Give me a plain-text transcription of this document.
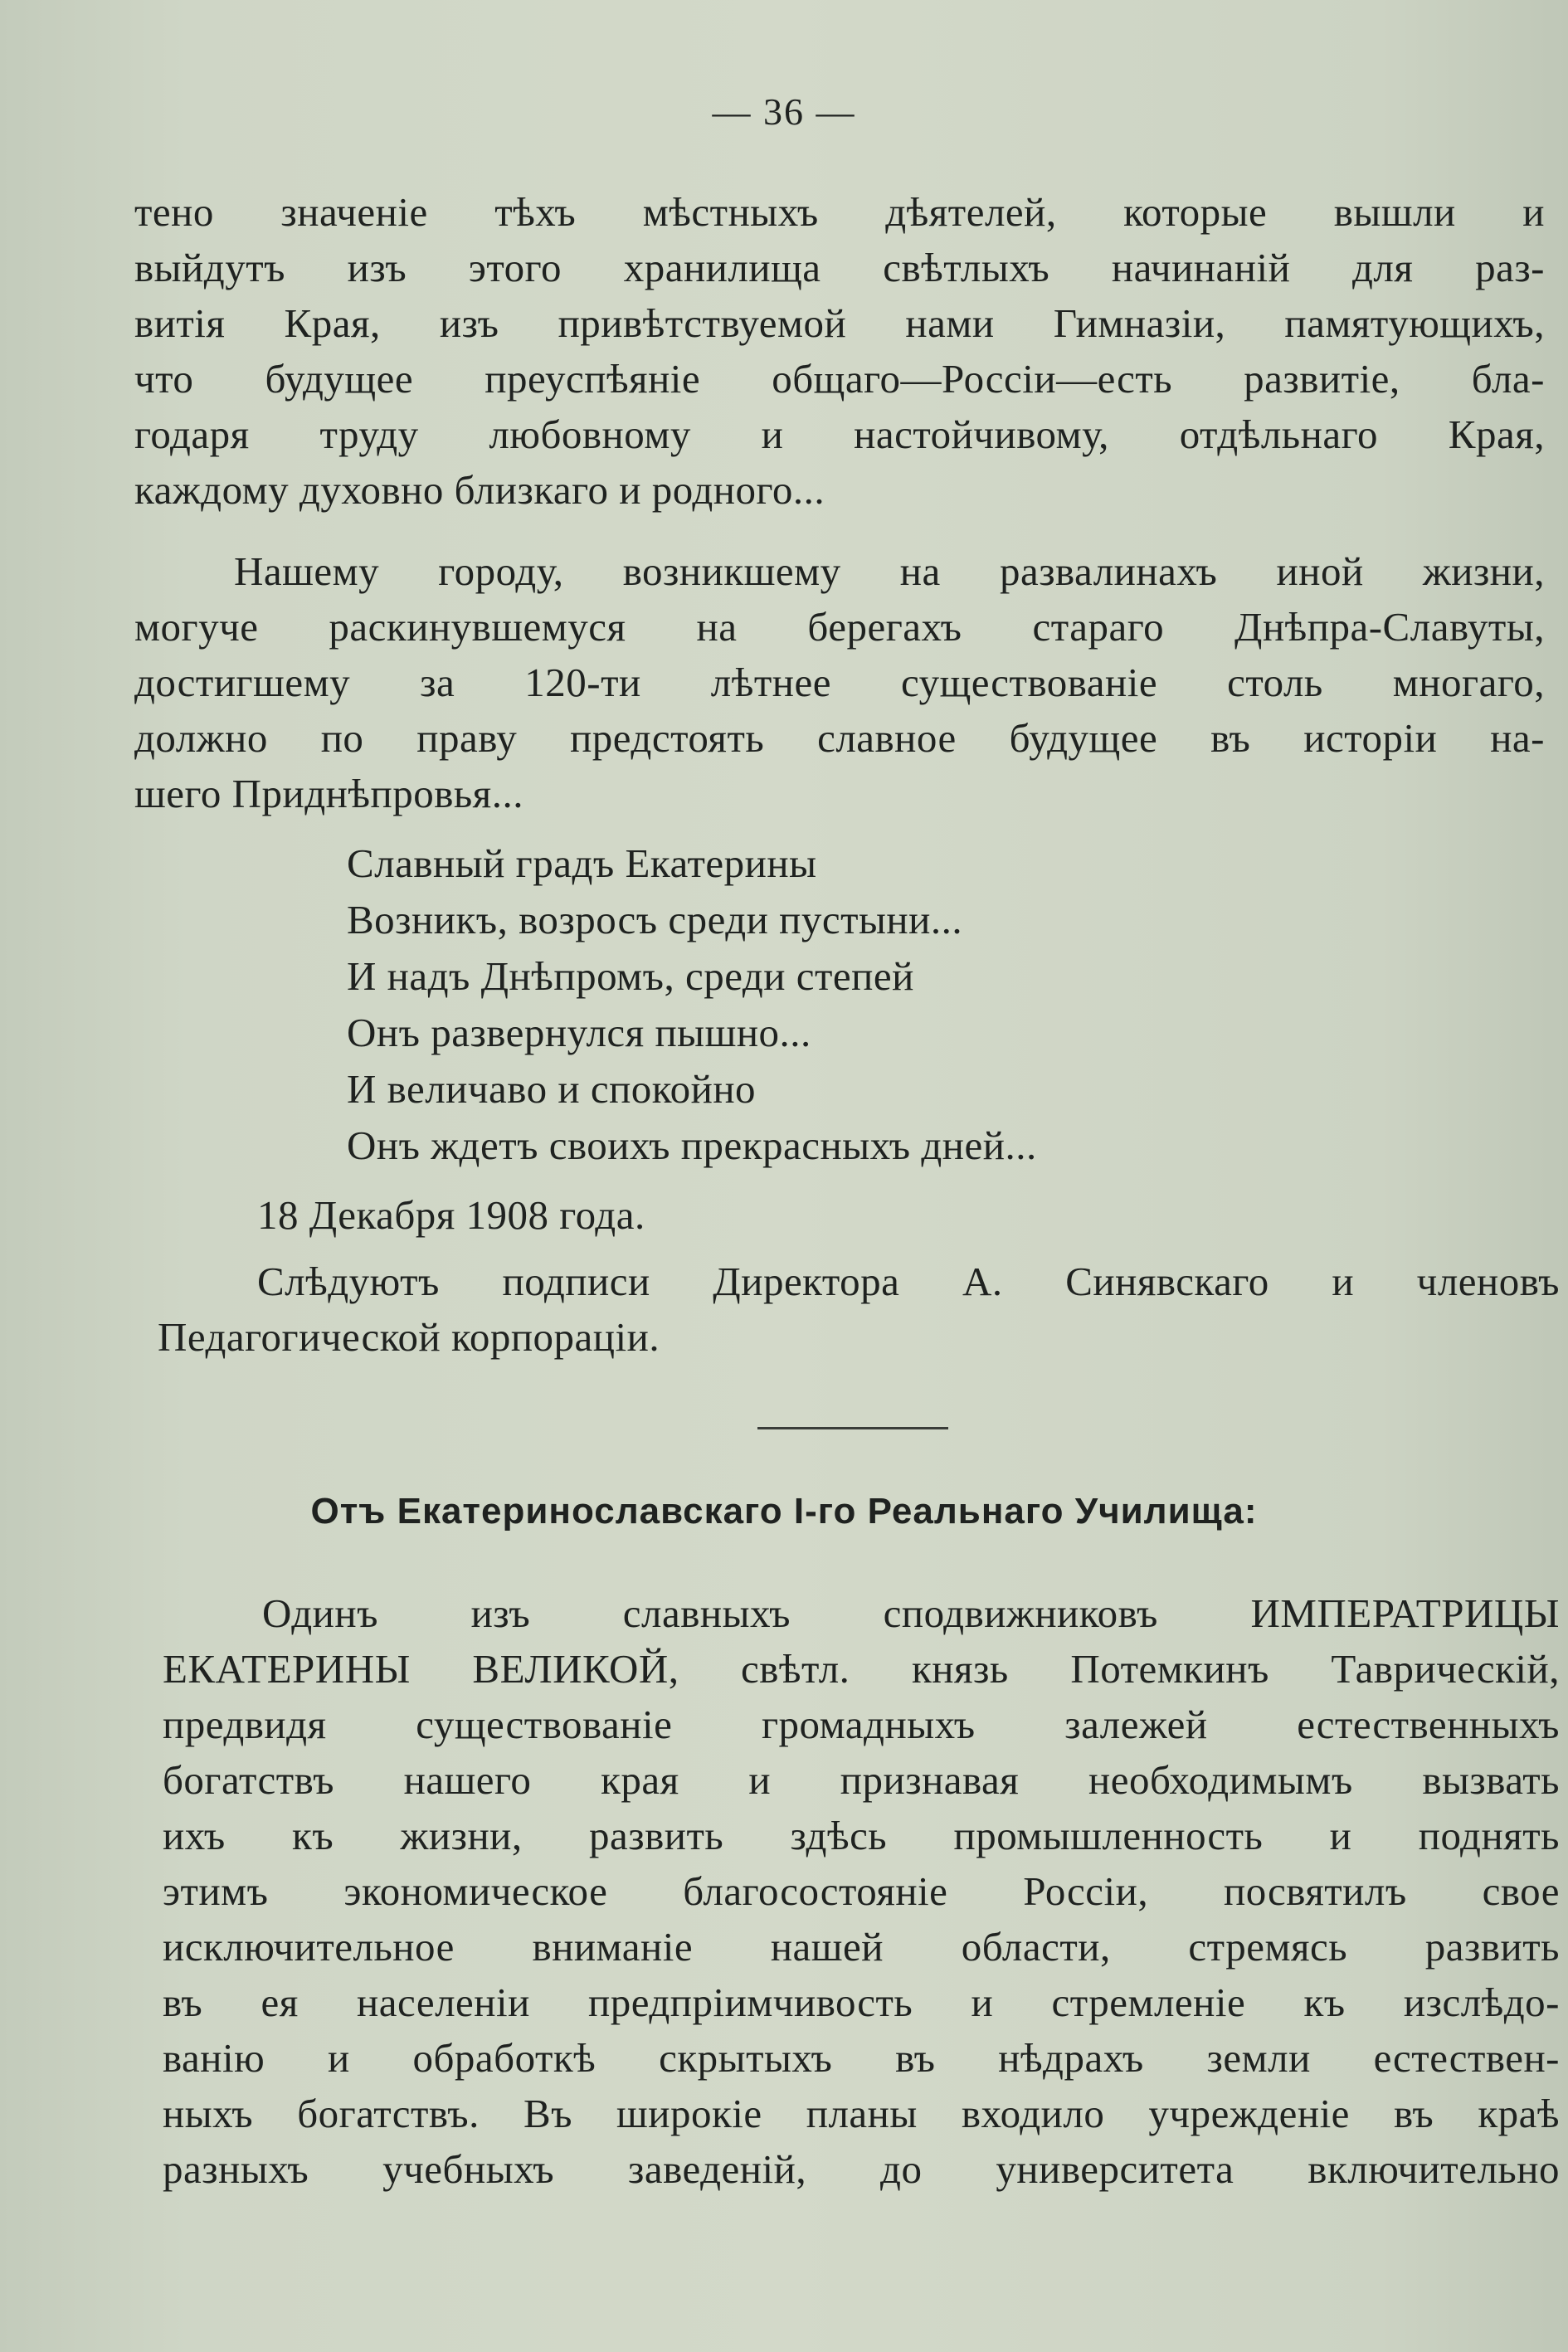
— 36 —
тено значенiе тѣхъ мѣстныхъ дѣятелей, которые вышли и
выйдутъ изъ этого хранилища свѣтлыхъ начинанiй для раз-
витiя Края, изъ привѣтствуемой нами Гимназiи, памятующихъ,
что будущее преуспѣянiе общаго—Россiи—есть развитiе, бла-
годаря труду любовному и настойчивому, отдѣльнаго Края,
каждому духовно близкаго и родного...
Нашему городу, возникшему на развалинахъ иной жизни,
могуче раскинувшемуся на берегахъ стараго Днѣпра-Славуты,
достигшему за 120-ти лѣтнее существованiе столь многаго,
должно по праву предстоять славное будущее въ исторiи на-
шего Приднѣпровья...
Славный градъ Екатерины
Возникъ, возросъ среди пустыни...
И надъ Днѣпромъ, среди степей
Онъ развернулся пышно...
И величаво и спокойно
Онъ ждетъ своихъ прекрасныхъ дней...
18 Декабря 1908 года.
Слѣдуютъ подписи Директора А. Синявскаго и членовъ
Педагогической корпорацiи.
Отъ Екатеринославскаго I-го Реальнаго Училища:
Одинъ изъ славныхъ сподвижниковъ ИМПЕРАТРИЦЫ
ЕКАТЕРИНЫ ВЕЛИКОЙ, свѣтл. князь Потемкинъ Таврическiй,
предвидя существованiе громадныхъ залежей естественныхъ
богатствъ нашего края и признавая необходимымъ вызвать
ихъ къ жизни, развить здѣсь промышленность и поднять
этимъ экономическое благосостоянiе Россiи, посвятилъ свое
исключительное вниманiе нашей области, стремясь развить
въ ея населенiи предпрiимчивость и стремленiе къ изслѣдо-
ванiю и обработкѣ скрытыхъ въ нѣдрахъ земли естествен-
ныхъ богатствъ. Въ широкiе планы входило учрежденiе въ краѣ
разныхъ учебныхъ заведенiй, до университета включительно
